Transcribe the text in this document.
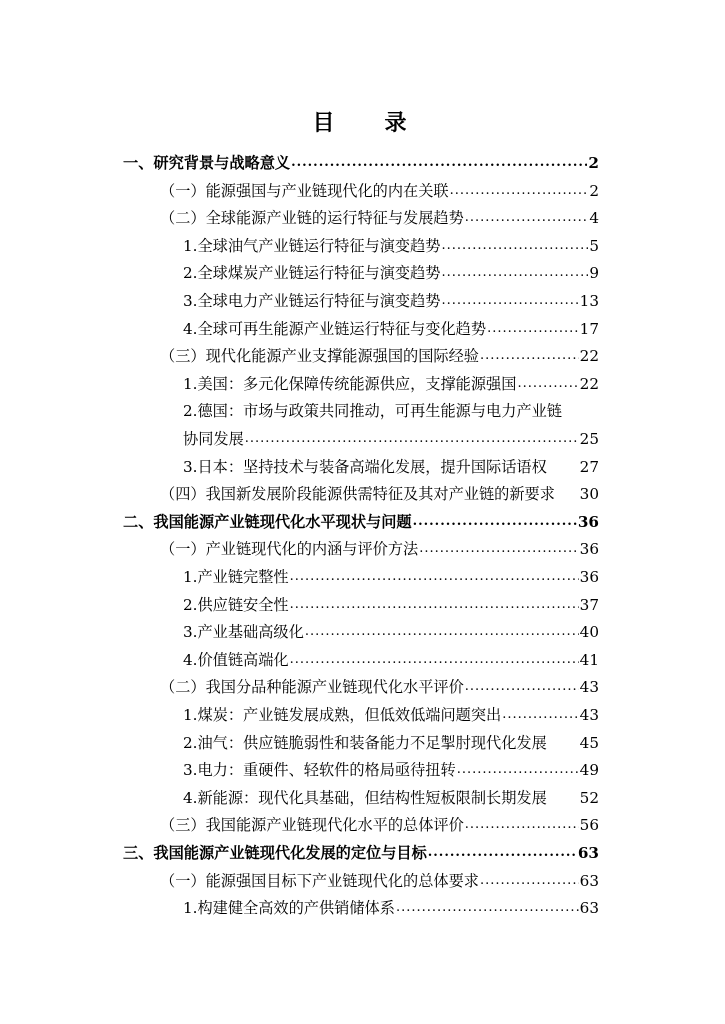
目　录
一、研究背景与战略意义 .....	2
（一）能源强国与产业链现代化的内在关联 .....	2
（二）全球能源产业链的运行特征与发展趋势 .....	4
1.全球油气产业链运行特征与演变趋势 .....	5
2.全球煤炭产业链运行特征与演变趋势 .....	9
3.全球电力产业链运行特征与演变趋势 .....	13
4.全球可再生能源产业链运行特征与变化趋势 .....	17
（三）现代化能源产业支撑能源强国的国际经验 .....	22
1.美国：多元化保障传统能源供应，支撑能源强国 .....	22
2.德国：市场与政策共同推动，可再生能源与电力产业链
协同发展 .....	25
3.日本：坚持技术与装备高端化发展，提升国际话语权 27
（四）我国新发展阶段能源供需特征及其对产业链的新要求 30
二、我国能源产业链现代化水平现状与问题 .....	36
（一）产业链现代化的内涵与评价方法 .....	36
1.产业链完整性 .....	36
2.供应链安全性 .....	37
3.产业基础高级化 .....	40
4.价值链高端化 .....	41
（二）我国分品种能源产业链现代化水平评价 .....	43
1.煤炭：产业链发展成熟，但低效低端问题突出 .....	43
2.油气：供应链脆弱性和装备能力不足掣肘现代化发展 45
3.电力：重硬件、轻软件的格局亟待扭转 .....	49
4.新能源：现代化具基础，但结构性短板限制长期发展 52
（三）我国能源产业链现代化水平的总体评价 .....	56
三、我国能源产业链现代化发展的定位与目标 .....	63
（一）能源强国目标下产业链现代化的总体要求 .....	63
1.构建健全高效的产供销储体系 .....	63
